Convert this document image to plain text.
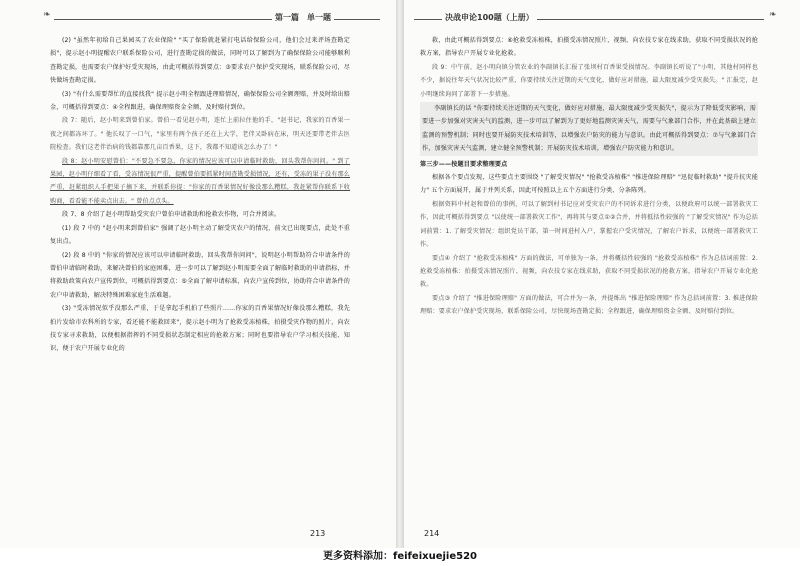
❧	第一篇　单一题

(2) "虽然年初给自己果园买了农业保险" "买了保险就赶紧打电话给保险公司，他们会过来评场查勘定损"，提示赵小明提醒农户联系保险公司，进行查勘定损的做法，同时可以了解到为了确保保险公司能够顺利查勘定损，也需要农户保护好受灾现场，由此可概括得到要点：③要求农户保护受灾现场，联系保险公司，尽快做场查勘定损。

(3) "有什么需要帮忙的直接找我" 提示赵小明全程跟进理赔情况，确保保险公司全额理赔，并及时给出赔金，可概括得到要点：④全程跟进，确保理赔资金全额、及时赔付到位。

段 7：随后，赵小明来到曾伯家。曾伯一看见赵小明，连忙上前拉住他的手，"赵书记，我家的百香果一夜之间都冻坏了。" 他长叹了一口气，"家里有两个孩子还在上大学，老伴又卧病在床，明天还要带老伴去医院检查。我们这老伴治病的钱都靠那几亩百香果，这下，我都不知道该怎么办了！"

段 8：赵小明安慰曾伯："不要急不要急，你家的情况应该可以申请临时救助，回头我帮你问问。" 到了果园，赵小明仔细看了看，受冻情况很严重，提醒曾伯要抓紧时间查勘受损情况，还有，受冻的果子没有那么严重，赶紧组织人手把果子摘下来，并联系你提："你家的百香果情况好像没那么糟糕，我赶紧帮你联系下收购商，看看能不能卖点出去。" 曾伯点点头。

段 7、8 介绍了赵小明帮助受灾农户曾伯申请救助和抢救农作物，可合并阅读。

(1) 段 7 中的 "赵小明来到曾伯家" 强调了赵小明主动了解受灾农户的情况，前文已出现要点，此处不重复出点。

(2) 段 8 中的 "你家的情况应该可以申请临时救助，回头我帮你问问"，说明赵小明帮助符合申请条件的曾伯申请临时救助，来解决曾伯的家庭困难，进一步可以了解到赵小明需要全面了解临时救助的申请指标，并将救助政策向农户宣传到位，可概括得到要点：⑤全面了解申请标准，向农户宣传到位，协助符合申请条件的农户申请救助，解决特殊困难家庭生活难题。

(3) "受冻情况似乎没那么严重，于是拿起手机拍了些照片……你家的百香果情况好像没那么糟糕，我先拍片发给市农科所的专家，看还能不能救回来"，提示赵小明为了抢救受冻植株，拍摄受灾作物的照片，向农技专家寻求救助，以便根据指挥的不同受损状态制定相应的抢救方案；同时也要指导农户学习相关技能、知识，便于农户开展专业化的

213
决战申论100题（上册）	❧

救，由此可概括得到要点：⑥抢救受冻植株，拍摄受冻情况照片、视频，向农技专家在线求助，获取不同受损状况的抢救方案，指导农户开展专业化抢救。

段 9：中午前，赵小明向镇分管农业的李副镇长汇报了张坝村百香果受损情况。李副镇长听说了"小明，其他村同样也不少，据说往年天气状况比较严重，你要持续关注近期的天气变化，做好应对措施，最大限度减少受灾损失。" 汇报完，赵小明继续询问了部署下一步措施。

李副镇长的话 "你要持续关注近期的天气变化，做好应对措施，最大限度减少受灾损失"，提示为了降低受灾影响，需要进一步加强对灾害天气的监测，进一步可以了解到为了更好地监测灾害天气，需要与气象部门合作，并在此基础上建立监测的预警机制；同时也要开展防灾技术培训等，以增强农户防灾的能力与意识。由此可概括得到要点：⑦与气象部门合作，加强灾害天气监测，建立健全预警机制；开展防灾技术培训，增强农户防灾能力和意识。

第三步——按题目要求整理要点

根据各个要点发现，这些要点主要围绕 "了解受灾情况" "抢救受冻植株" "推进保险理赔" "迅促临时救助" "提升抗灾能力" 五个方面展开，属于并列关系，因此可按照以上五个方面进行分类、分条陈列。

根据资料中村赵和曾伯的事例，可以了解到村书记应对受灾农户的不同诉求进行分类，以便政府可以统一部署救灾工作，因此可概括得到要点 "以使统一部署救灾工作"，再将其与要点①②合并，并将抵括性较强的 "了解受灾情况" 作为总括词前置：1. 了解受灾情况：组织党员干部，第一时间进村入户，掌握农户受灾情况，了解农户诉求，以便统一部署救灾工作。

要点④ 介绍了 "抢救受冻植株" 方面的做法，可单独为一条，并将概括性较强的 "抢救受冻植株" 作为总括词前置：2. 抢救受冻植株：拍摄受冻情况照片、视频，向农技专家在线求助，获取不同受损状况的抢救方案，指导农户开展专业化抢救。

要点③ 介绍了 "推进保险理赔" 方面的做法，可合并为一条，并提炼出 "推进保险理赔" 作为总括词前置：3. 推进保险理赔：要求农户保护受灾现场，联系保险公司，尽快现场查勘定损；全程跟进，确保理赔资金全额、及时赔付到位。

214
更多资料添加：feifeixuejie520
